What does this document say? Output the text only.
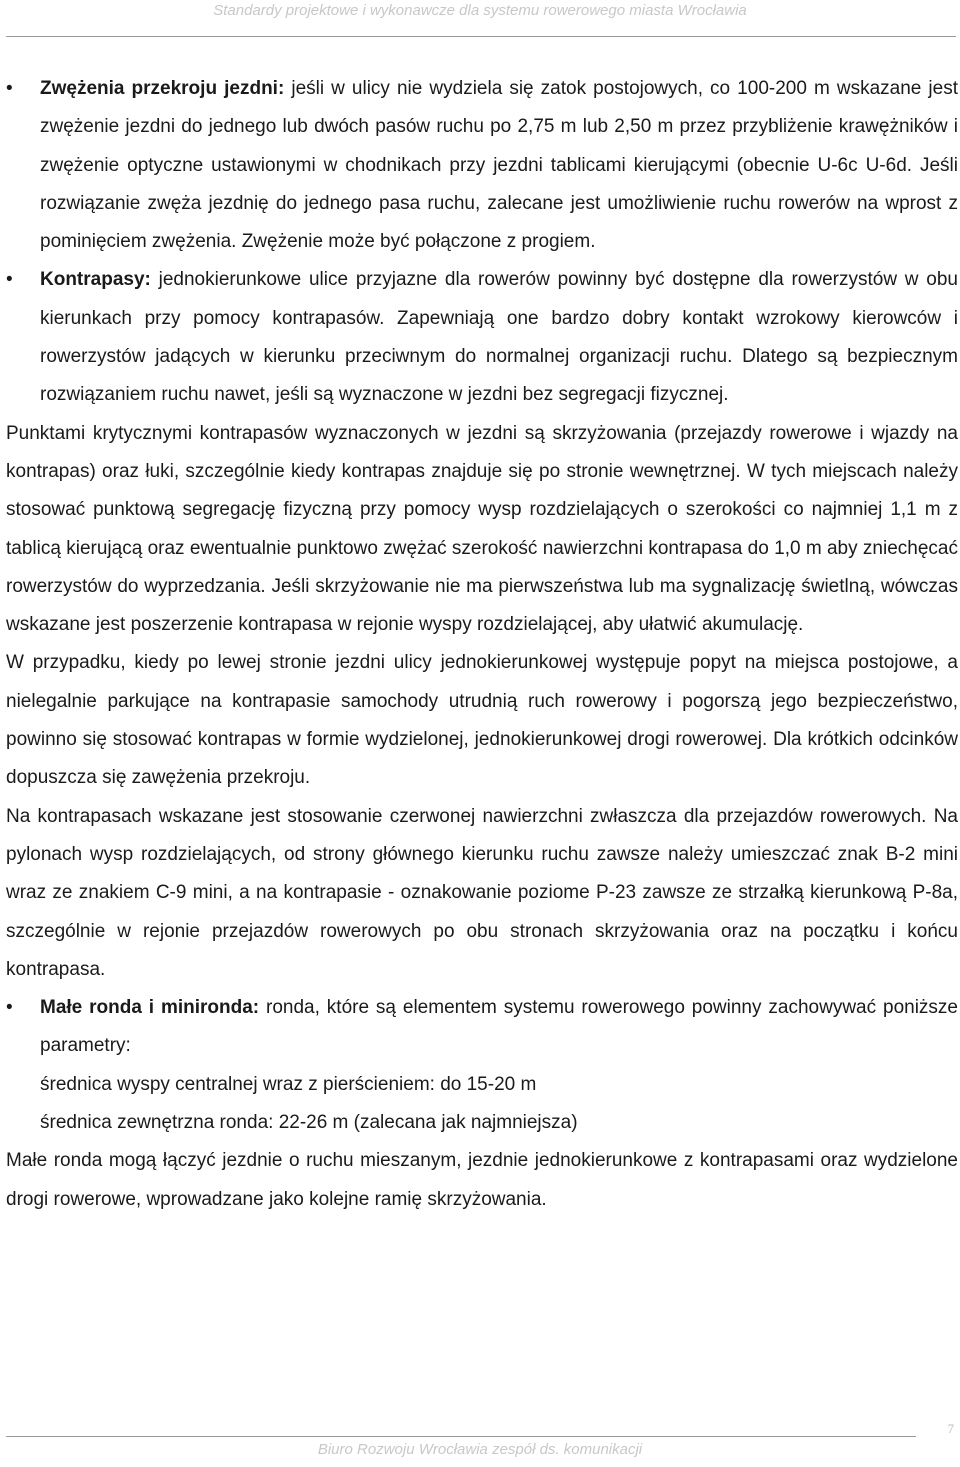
Standardy projektowe i wykonawcze dla systemu rowerowego miasta Wrocławia

• Zwężenia przekroju jezdni: jeśli w ulicy nie wydziela się zatok postojowych, co 100-200 m wskazane jest zwężenie jezdni do jednego lub dwóch pasów ruchu po 2,75 m lub 2,50 m przez przybliżenie krawężników i zwężenie optyczne ustawionymi w chodnikach przy jezdni tablicami kierującymi (obecnie U-6c U-6d. Jeśli rozwiązanie zwęża jezdnię do jednego pasa ruchu, zalecane jest umożliwienie ruchu rowerów na wprost z pominięciem zwężenia. Zwężenie może być połączone z progiem.

• Kontrapasy: jednokierunkowe ulice przyjazne dla rowerów powinny być dostępne dla rowerzystów w obu kierunkach przy pomocy kontrapasów. Zapewniają one bardzo dobry kontakt wzrokowy kierowców i rowerzystów jadących w kierunku przeciwnym do normalnej organizacji ruchu. Dlatego są bezpiecznym rozwiązaniem ruchu nawet, jeśli są wyznaczone w jezdni bez segregacji fizycznej.

Punktami krytycznymi kontrapasów wyznaczonych w jezdni są skrzyżowania (przejazdy rowerowe i wjazdy na kontrapas) oraz łuki, szczególnie kiedy kontrapas znajduje się po stronie wewnętrznej. W tych miejscach należy stosować punktową segregację fizyczną przy pomocy wysp rozdzielających o szerokości co najmniej 1,1 m z tablicą kierującą oraz ewentualnie punktowo zwężać szerokość nawierzchni kontrapasa do 1,0 m aby zniechęcać rowerzystów do wyprzedzania. Jeśli skrzyżowanie nie ma pierwszeństwa lub ma sygnalizację świetlną, wówczas wskazane jest poszerzenie kontrapasa w rejonie wyspy rozdzielającej, aby ułatwić akumulację.

W przypadku, kiedy po lewej stronie jezdni ulicy jednokierunkowej występuje popyt na miejsca postojowe, a nielegalnie parkujące na kontrapasie samochody utrudnią ruch rowerowy i pogorszą jego bezpieczeństwo, powinno się stosować kontrapas w formie wydzielonej, jednokierunkowej drogi rowerowej. Dla krótkich odcinków dopuszcza się zawężenia przekroju.

Na kontrapasach wskazane jest stosowanie czerwonej nawierzchni zwłaszcza dla przejazdów rowerowych. Na pylonach wysp rozdzielających, od strony głównego kierunku ruchu zawsze należy umieszczać znak B-2 mini wraz ze znakiem C-9 mini, a na kontrapasie - oznakowanie poziome P-23 zawsze ze strzałką kierunkową P-8a, szczególnie w rejonie przejazdów rowerowych po obu stronach skrzyżowania oraz na początku i końcu kontrapasa.

• Małe ronda i minironda: ronda, które są elementem systemu rowerowego powinny zachowywać poniższe parametry:

średnica wyspy centralnej wraz z pierścieniem: do 15-20 m

średnica zewnętrzna ronda: 22-26 m (zalecana jak najmniejsza)

Małe ronda mogą łączyć jezdnie o ruchu mieszanym, jezdnie jednokierunkowe z kontrapasami oraz wydzielone drogi rowerowe, wprowadzane jako kolejne ramię skrzyżowania.

7
Biuro Rozwoju Wrocławia zespół ds. komunikacji
